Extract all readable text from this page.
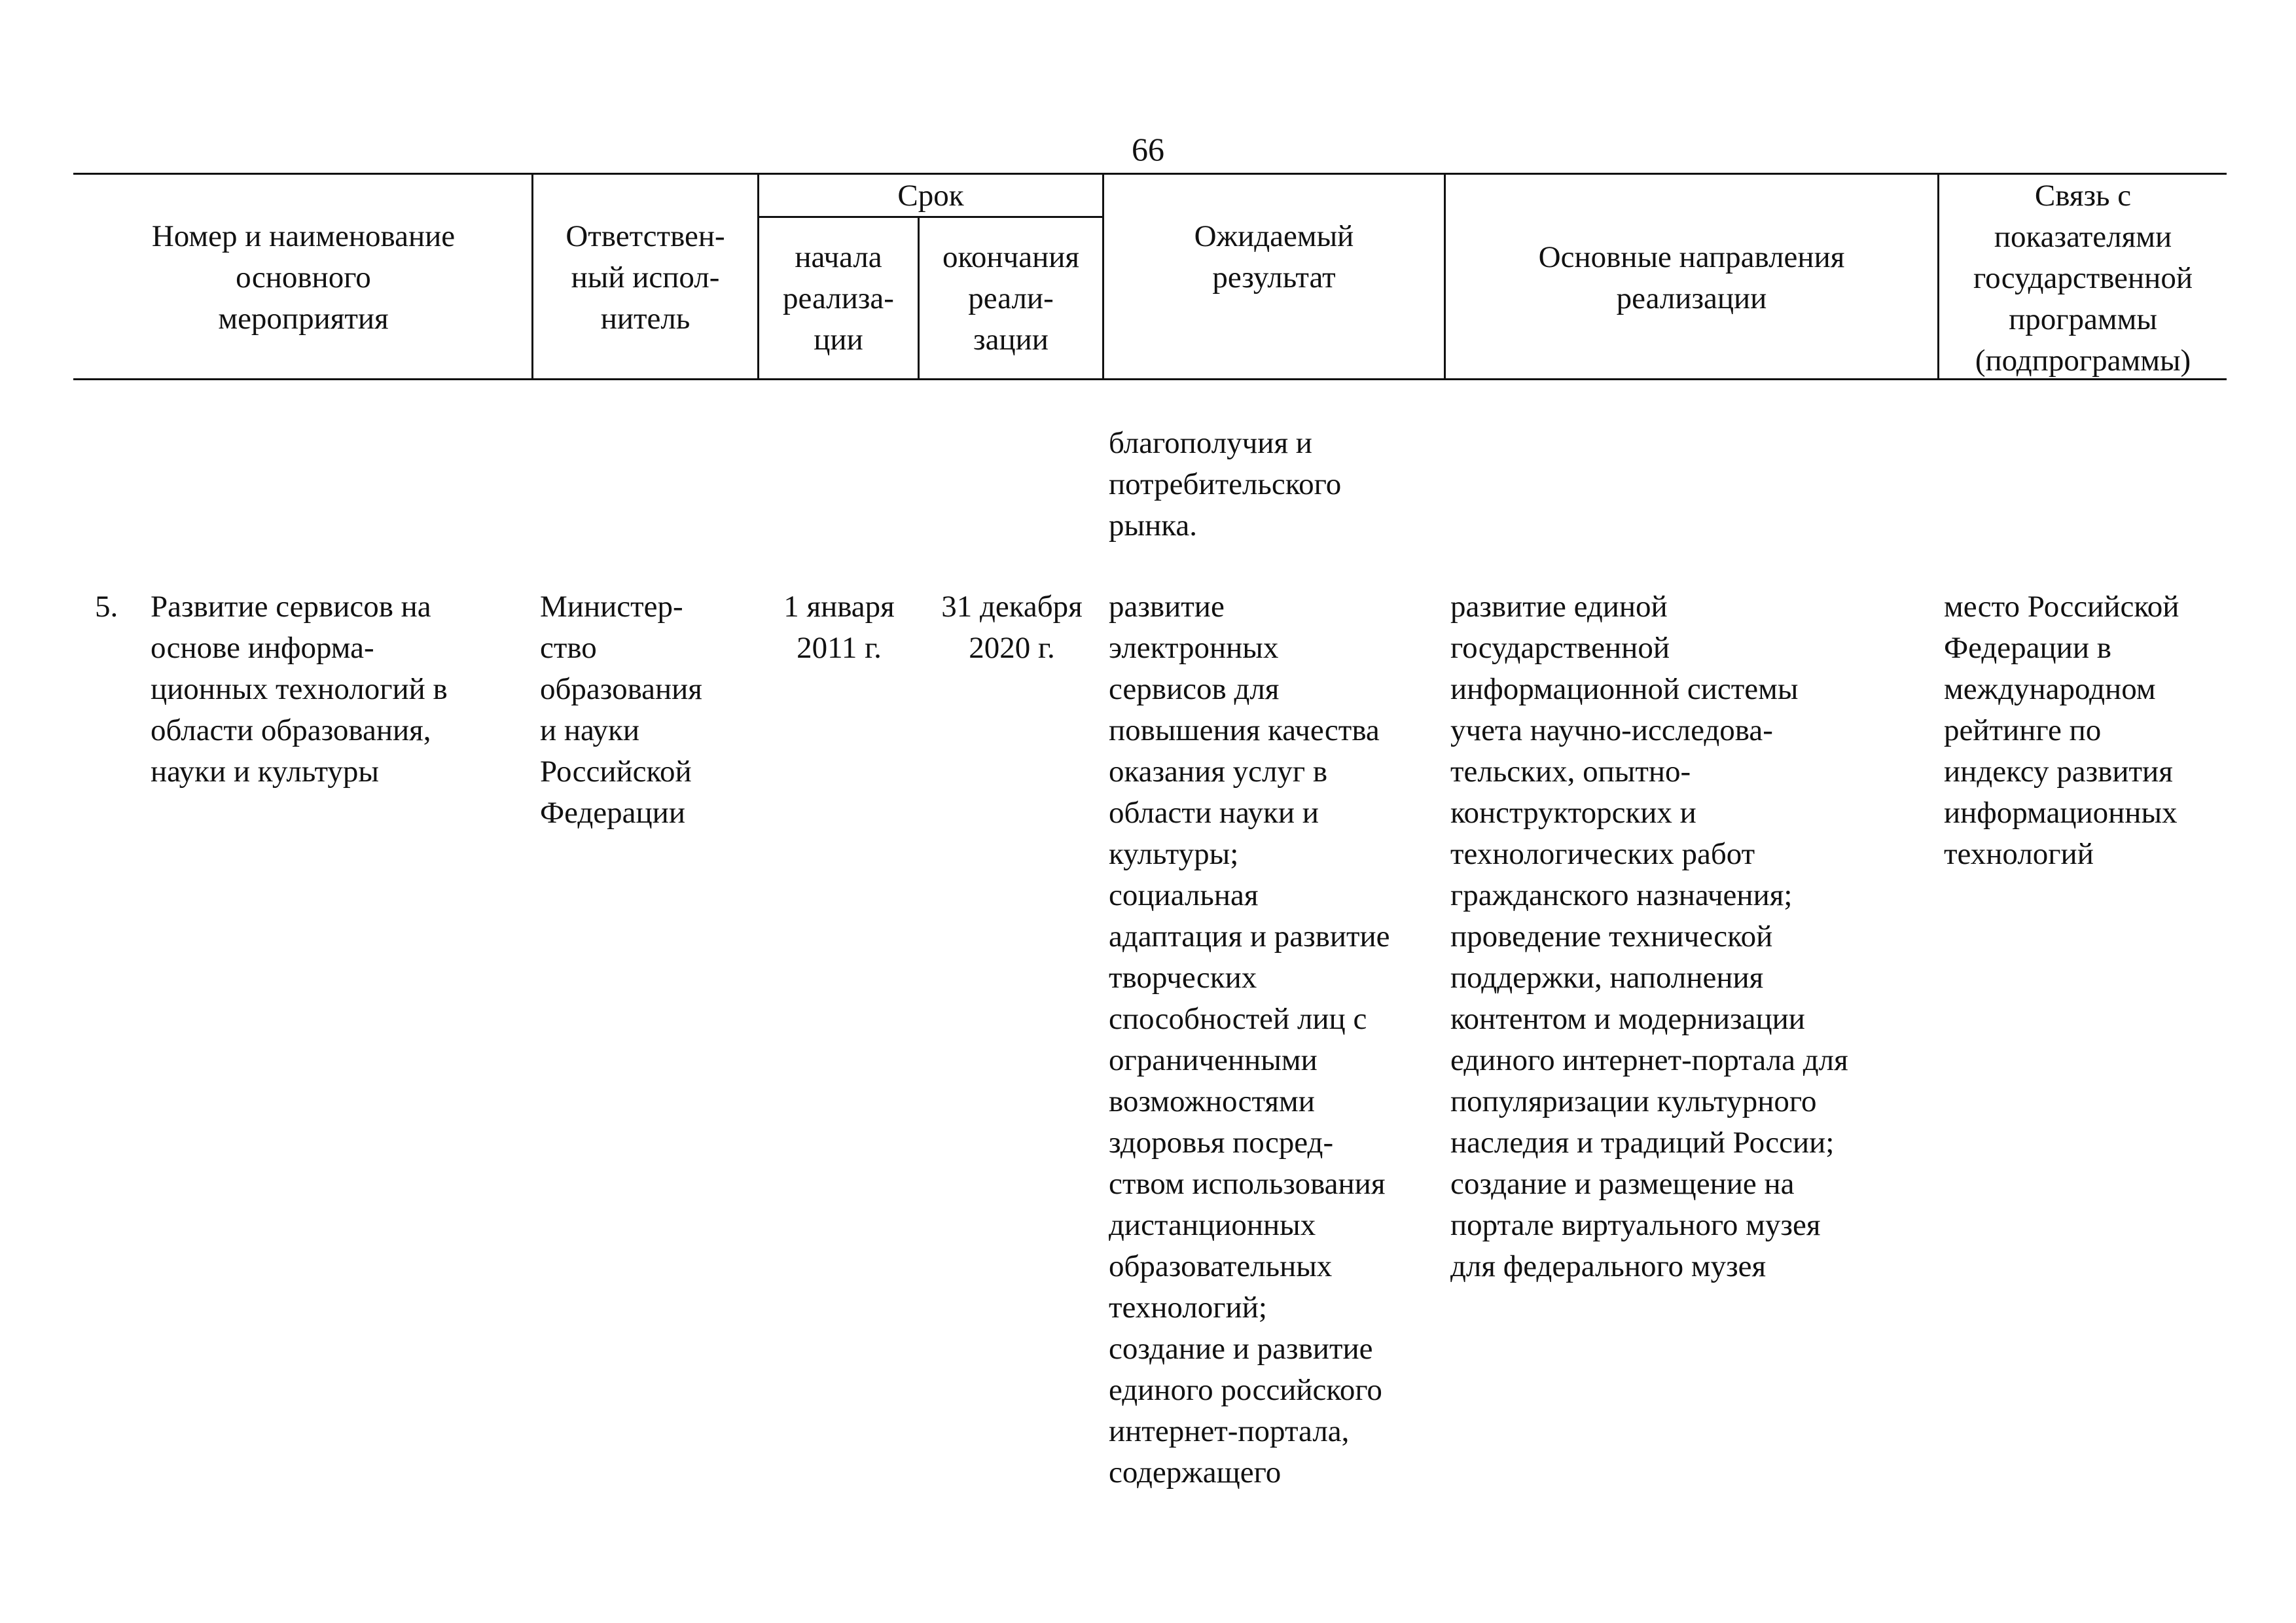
66
Номер и наименование
основного
мероприятия
Ответствен-
ный испол-
нитель
Срок
начала
реализа-
ции
окончания
реали-
зации
Ожидаемый
результат
Основные направления
реализации
Связь с
показателями
государственной
программы
(подпрограммы)
благополучия и
потребительского
рынка.
5.	Развитие сервисов на
основе информа-
ционных технологий в
области образования,
науки и культуры
Министер-
ство
образования
и науки
Российской
Федерации
1 января
2011 г.
31 декабря
2020 г.
развитие
электронных
сервисов для
повышения качества
оказания услуг в
области науки и
культуры;
социальная
адаптация и развитие
творческих
способностей лиц с
ограниченными
возможностями
здоровья посред-
ством использования
дистанционных
образовательных
технологий;
создание и развитие
единого российского
интернет-портала,
содержащего
развитие единой
государственной
информационной системы
учета научно-исследова-
тельских, опытно-
конструкторских и
технологических работ
гражданского назначения;
проведение технической
поддержки, наполнения
контентом и модернизации
единого интернет-портала для
популяризации культурного
наследия и традиций России;
создание и размещение на
портале виртуального музея
для федерального музея
место Российской
Федерации в
международном
рейтинге по
индексу развития
информационных
технологий
